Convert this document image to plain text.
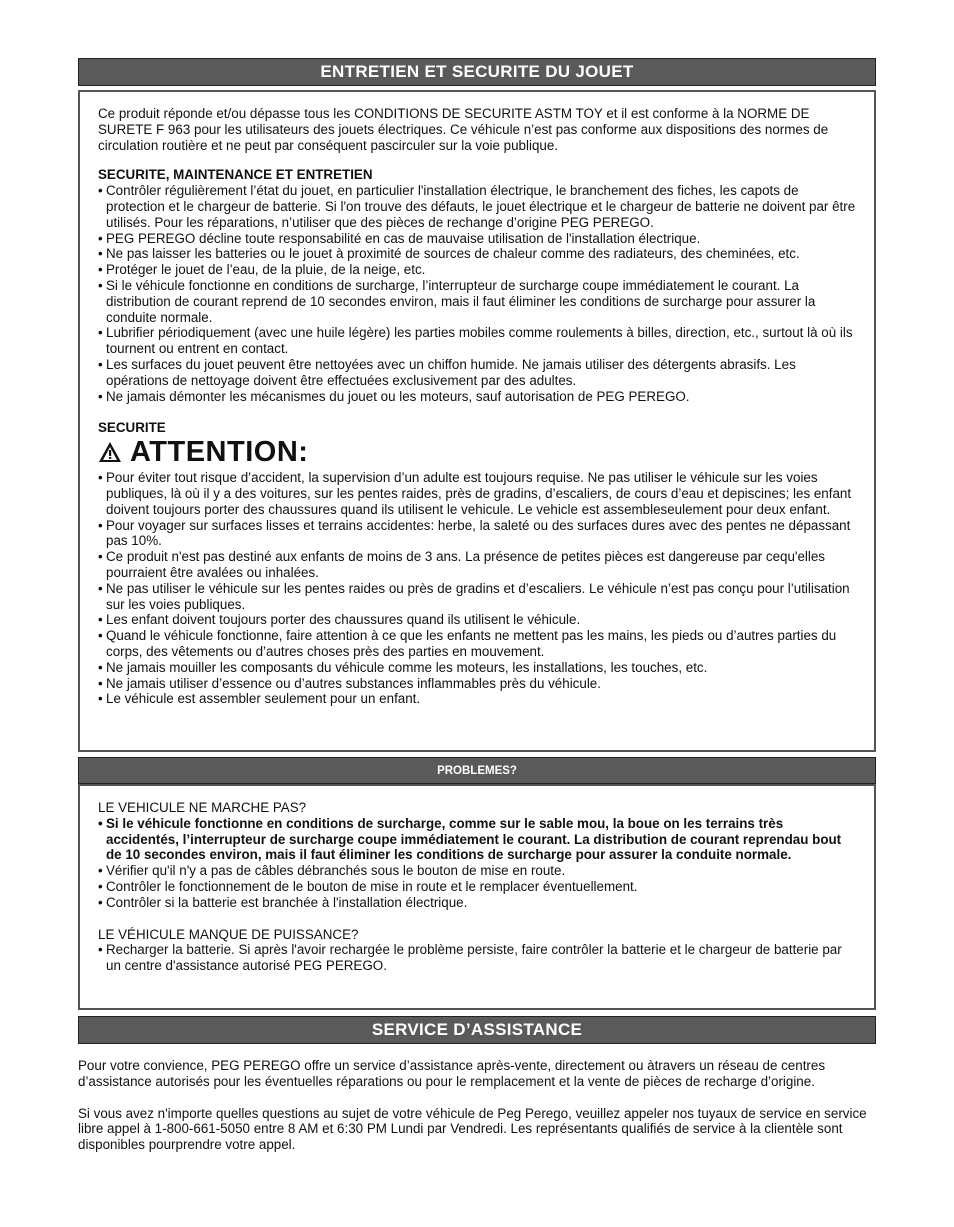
ENTRETIEN ET SECURITE DU JOUET

Ce produit réponde et/ou dépasse tous les CONDITIONS DE SECURITE ASTM TOY et il est conforme à la NORME DE SURETE F 963 pour les utilisateurs des jouets électriques. Ce véhicule n’est pas conforme aux dispositions des normes de circulation routière et ne peut par conséquent pascirculer sur la voie publique.

SECURITE, MAINTENANCE ET ENTRETIEN

• Contrôler régulièrement l’état du jouet, en particulier l'installation électrique, le branchement des fiches, les capots de protection et le chargeur de batterie. Si l'on trouve des défauts, le jouet électrique et le chargeur de batterie ne doivent par être utilisés. Pour les réparations, n’utiliser que des pièces de rechange d’origine PEG PEREGO.
• PEG PEREGO décline toute responsabilité en cas de mauvaise utilisation de l'installation électrique.
• Ne pas laisser les batteries ou le jouet à proximité de sources de chaleur comme des radiateurs, des cheminées, etc.
• Protéger le jouet de l’eau, de la pluie, de la neige, etc.
• Si le véhicule fonctionne en conditions de surcharge, l’interrupteur de surcharge coupe immédiatement le courant. La distribution de courant reprend de 10 secondes environ, mais il faut éliminer les conditions de surcharge pour assurer la conduite normale.
• Lubrifier périodiquement (avec une huile légère) les parties mobiles comme roulements à billes, direction, etc., surtout là où ils tournent ou entrent en contact.
• Les surfaces du jouet peuvent être nettoyées avec un chiffon humide. Ne jamais utiliser des détergents abrasifs. Les opérations de nettoyage doivent être effectuées exclusivement par des adultes.
• Ne jamais démonter les mécanismes du jouet ou les moteurs, sauf autorisation de PEG PEREGO.

SECURITE

ATTENTION:
• Pour éviter tout risque d’accident, la supervision d’un adulte est toujours requise. Ne pas utiliser le véhicule sur les voies publiques, là où il y a des voitures, sur les pentes raides, près de gradins, d’escaliers, de cours d’eau et depiscines; les enfant doivent toujours porter des chaussures quand ils utilisent le vehicule. Le vehicle est assembleseulement pour deux enfant.
• Pour voyager sur surfaces lisses et terrains accidentes: herbe, la saleté ou des surfaces dures avec des pentes ne dépassant pas 10%.
• Ce produit n'est pas destiné aux enfants de moins de 3 ans. La présence de petites pièces est dangereuse par cequ'elles pourraient être avalées ou inhalées.
• Ne pas utiliser le véhicule sur les pentes raides ou près de gradins et d’escaliers. Le véhicule n’est pas conçu pour l’utilisation sur les voies publiques.
• Les enfant doivent toujours porter des chaussures quand ils utilisent le véhicule.
• Quand le véhicule fonctionne, faire attention à ce que les enfants ne mettent pas les mains, les pieds ou d’autres parties du corps, des vêtements ou d’autres choses près des parties en mouvement.
• Ne jamais mouiller les composants du véhicule comme les moteurs, les installations, les touches, etc.
• Ne jamais utiliser d’essence ou d’autres substances inflammables près du véhicule.
• Le véhicule est assembler seulement pour un enfant.
PROBLEMES?

LE VEHICULE NE MARCHE PAS?

• Si le véhicule fonctionne en conditions de surcharge, comme sur le sable mou, la boue on les terrains très accidentés, l’interrupteur de surcharge coupe immédiatement le courant. La distribution de courant reprendau bout de 10 secondes environ, mais il faut éliminer les conditions de surcharge pour assurer la conduite normale.
• Vérifier qu'il n'y a pas de câbles débranchés sous le bouton de mise en route.
• Contrôler le fonctionnement de le bouton de mise in route et le remplacer éventuellement.
• Contrôler si la batterie est branchée à l'installation électrique.

LE VÉHICULE MANQUE DE PUISSANCE?

• Recharger la batterie. Si après l'avoir rechargée le problème persiste, faire contrôler la batterie et le chargeur de batterie par un centre d'assistance autorisé PEG PEREGO.
SERVICE D’ASSISTANCE

Pour votre convience, PEG PEREGO offre un service d’assistance après-vente, directement ou àtravers un réseau de centres d’assistance autorisés pour les éventuelles réparations ou pour le remplacement et la vente de pièces de recharge d’origine.

Si vous avez n'importe quelles questions au sujet de votre véhicule de Peg Perego, veuillez appeler nos tuyaux de service en service libre appel à 1-800-661-5050 entre 8 AM et 6:30 PM Lundi par Vendredi. Les représentants qualifiés de service à la clientèle sont disponibles pourprendre votre appel.
